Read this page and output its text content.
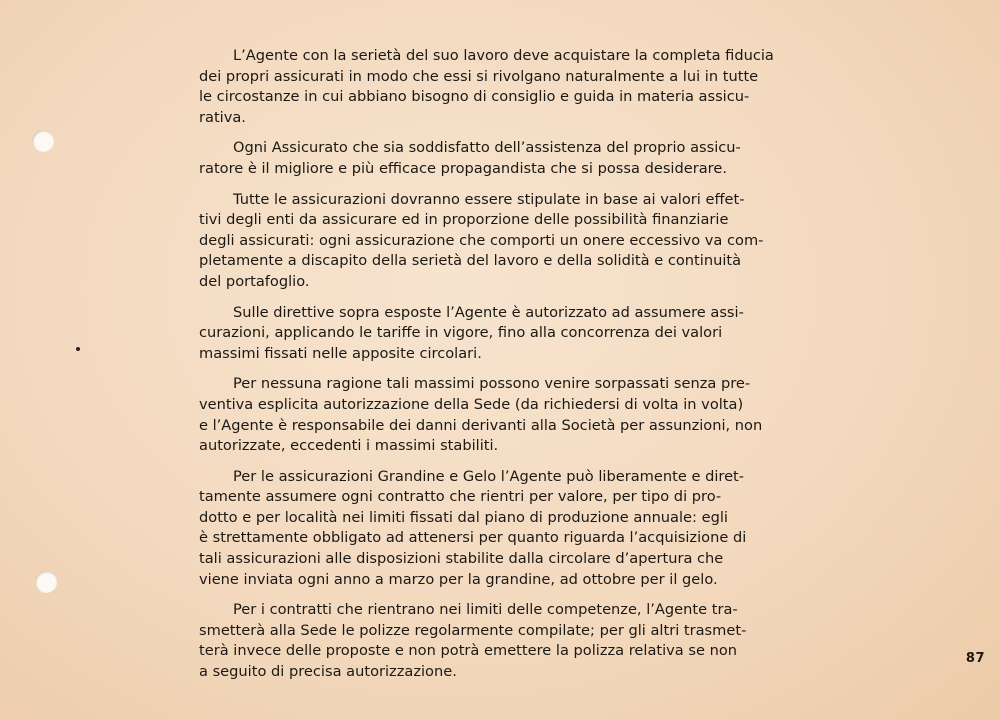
L’Agente con la serietà del suo lavoro deve acquistare la completa fiducia
dei propri assicurati in modo che essi si rivolgano naturalmente a lui in tutte
le circostanze in cui abbiano bisogno di consiglio e guida in materia assicu-
rativa.
Ogni Assicurato che sia soddisfatto dell’assistenza del proprio assicu-
ratore è il migliore e più efficace propagandista che si possa desiderare.
Tutte le assicurazioni dovranno essere stipulate in base ai valori effet-
tivi degli enti da assicurare ed in proporzione delle possibilità finanziarie
degli assicurati: ogni assicurazione che comporti un onere eccessivo va com-
pletamente a discapito della serietà del lavoro e della solidità e continuità
del portafoglio.
Sulle direttive sopra esposte l’Agente è autorizzato ad assumere assi-
curazioni, applicando le tariffe in vigore, fino alla concorrenza dei valori
massimi fissati nelle apposite circolari.
Per nessuna ragione tali massimi possono venire sorpassati senza pre-
ventiva esplicita autorizzazione della Sede (da richiedersi di volta in volta)
e l’Agente è responsabile dei danni derivanti alla Società per assunzioni, non
autorizzate, eccedenti i massimi stabiliti.
Per le assicurazioni Grandine e Gelo l’Agente può liberamente e diret-
tamente assumere ogni contratto che rientri per valore, per tipo di pro-
dotto e per località nei limiti fissati dal piano di produzione annuale: egli
è strettamente obbligato ad attenersi per quanto riguarda l’acquisizione di
tali assicurazioni alle disposizioni stabilite dalla circolare d’apertura che
viene inviata ogni anno a marzo per la grandine, ad ottobre per il gelo.
Per i contratti che rientrano nei limiti delle competenze, l’Agente tra-
smetterà alla Sede le polizze regolarmente compilate; per gli altri trasmet-
terà invece delle proposte e non potrà emettere la polizza relativa se non
a seguito di precisa autorizzazione.
87
